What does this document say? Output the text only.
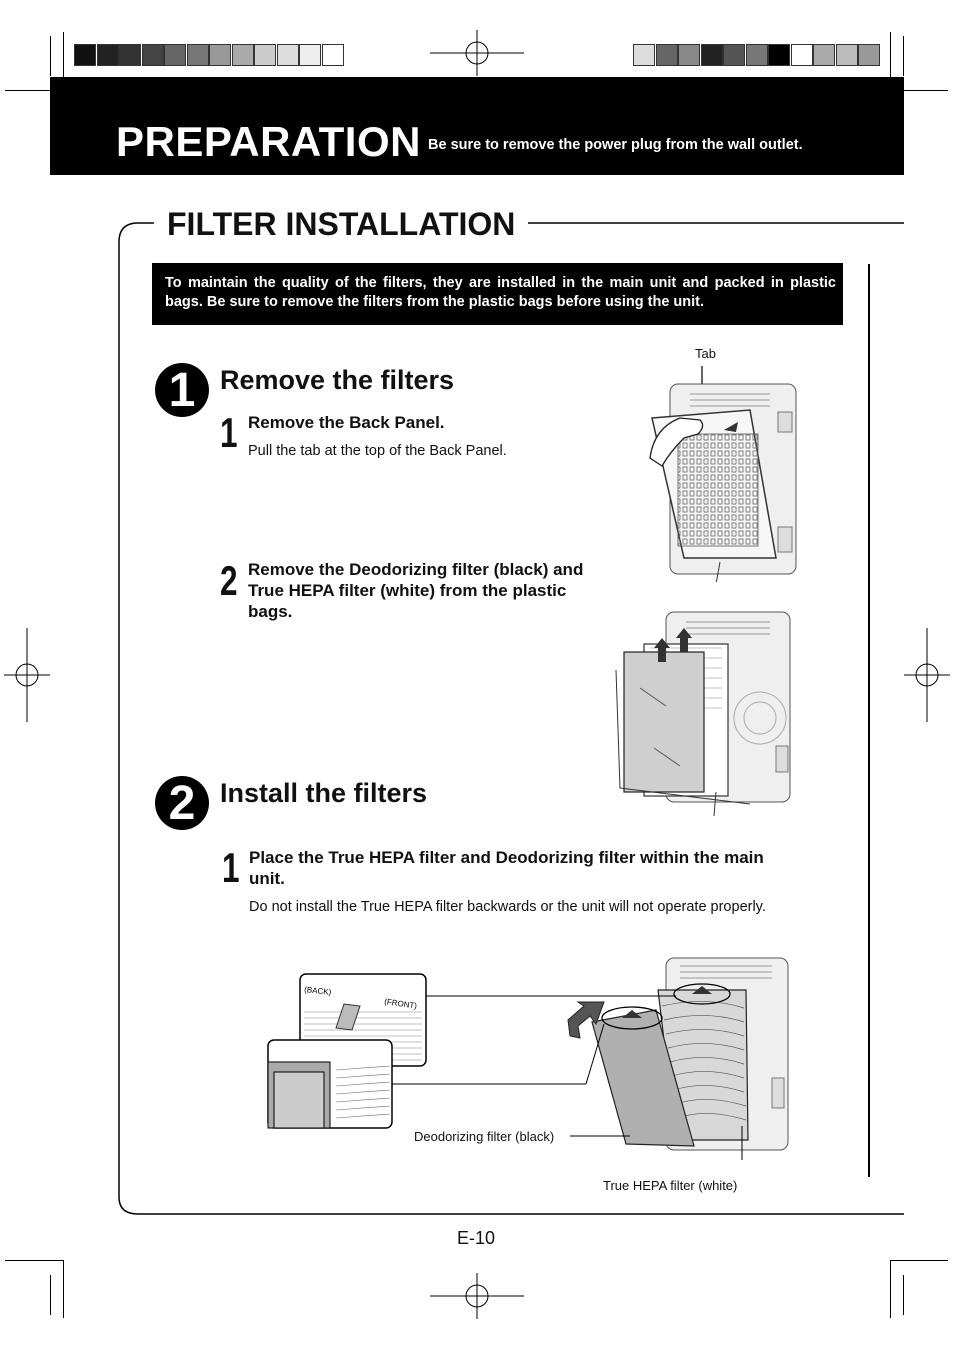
PREPARATION Be sure to remove the power plug from the wall outlet.
FILTER INSTALLATION
To maintain the quality of the filters, they are installed in the main unit and packed in plastic bags. Be sure to remove the filters from the plastic bags before using the unit.
1 Remove the filters
1 Remove the Back Panel.
Pull the tab at the top of the Back Panel.
2 Remove the Deodorizing filter (black) and True HEPA filter (white) from the plastic bags.
2 Install the filters
1 Place the True HEPA filter and Deodorizing filter within the main unit.
Do not install the True HEPA filter backwards or the unit will not operate properly.
Tab
(BACK)
(FRONT)
Deodorizing filter (black)
True HEPA filter (white)
E-10
